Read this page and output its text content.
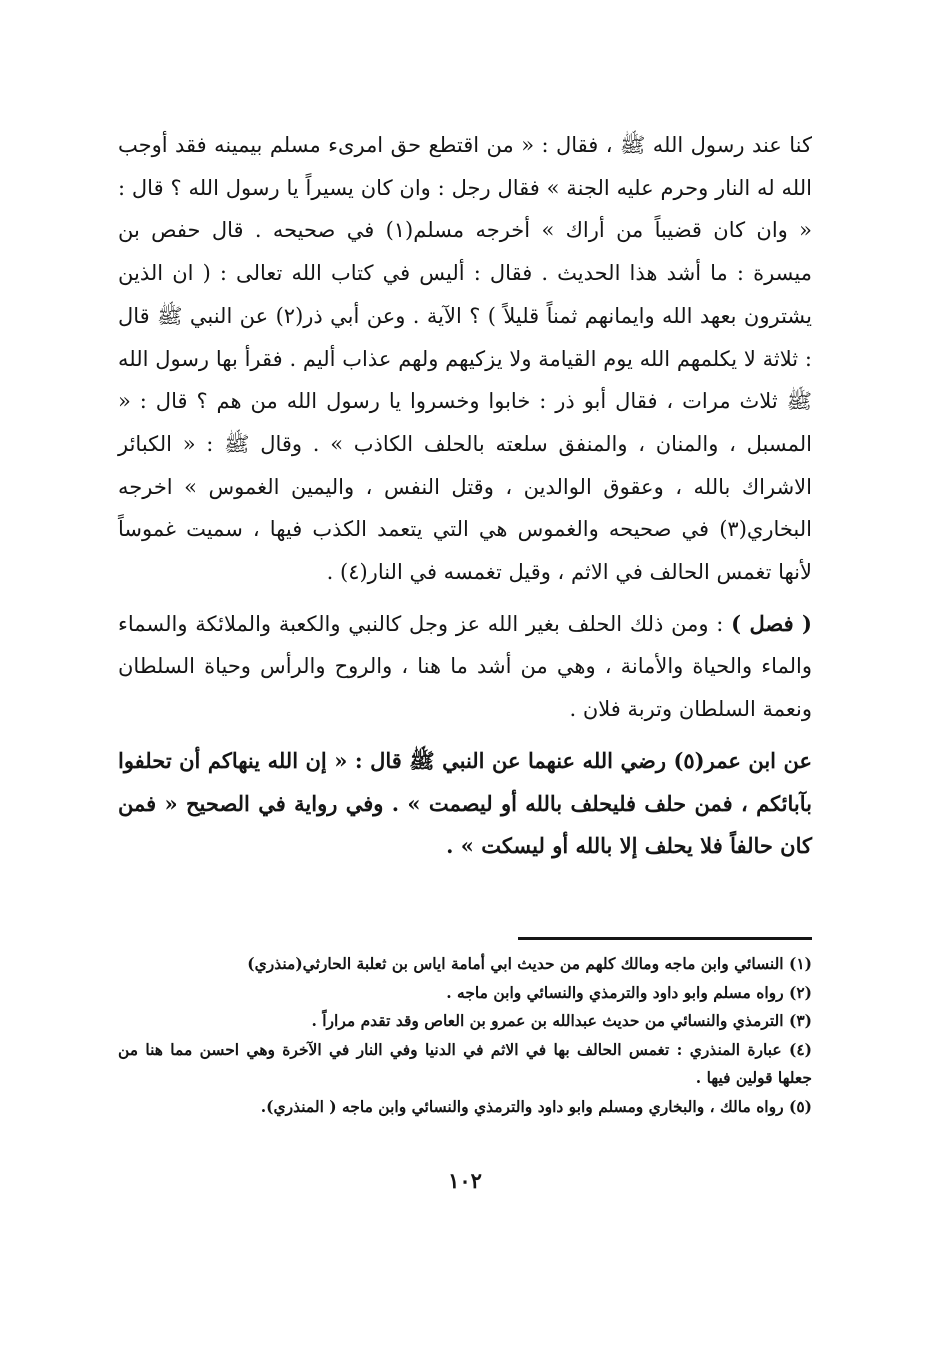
كنا عند رسول الله ﷺ ، فقال : « من اقتطع حق امرىء مسلم بيمينه فقد أوجب الله له النار وحرم عليه الجنة » فقال رجل : وان كان يسيراً يا رسول الله ؟ قال : « وان كان قضيباً من أراك » أخرجه مسلم(١) في صحيحه . قال حفص بن ميسرة : ما أشد هذا الحديث . فقال : أليس في كتاب الله تعالى : ( ان الذين يشترون بعهد الله وايمانهم ثمناً قليلاً ) ؟ الآية . وعن أبي ذر(٢) عن النبي ﷺ قال : ثلاثة لا يكلمهم الله يوم القيامة ولا يزكيهم ولهم عذاب أليم . فقرأ بها رسول الله ﷺ ثلاث مرات ، فقال أبو ذر : خابوا وخسروا يا رسول الله من هم ؟ قال : « المسبل ، والمنان ، والمنفق سلعته بالحلف الكاذب » . وقال ﷺ : « الكبائر الاشراك بالله ، وعقوق الوالدين ، وقتل النفس ، واليمين الغموس » اخرجه البخاري(٣) في صحيحه والغموس هي التي يتعمد الكذب فيها ، سميت غموساً لأنها تغمس الحالف في الاثم ، وقيل تغمسه في النار(٤) .

( فصل ) : ومن ذلك الحلف بغير الله عز وجل كالنبي والكعبة والملائكة والسماء والماء والحياة والأمانة ، وهي من أشد ما هنا ، والروح والرأس وحياة السلطان ونعمة السلطان وتربة فلان .

عن ابن عمر(٥) رضي الله عنهما عن النبي ﷺ قال : « إن الله ينهاكم أن تحلفوا بآبائكم ، فمن حلف فليحلف بالله أو ليصمت » . وفي رواية في الصحيح « فمن كان حالفاً فلا يحلف إلا بالله أو ليسكت » .

(١) النسائي وابن ماجه ومالك كلهم من حديث ابي أمامة اياس بن ثعلبة الحارثي(منذري)

(٢) رواه مسلم وابو داود والترمذي والنسائي وابن ماجه .

(٣) الترمذي والنسائي من حديث عبدالله بن عمرو بن العاص وقد تقدم مراراً .

(٤) عبارة المنذري : تغمس الحالف بها في الاثم في الدنيا وفي النار في الآخرة وهي احسن مما هنا من جعلها قولين فيها .

(٥) رواه مالك ، والبخاري ومسلم وابو داود والترمذي والنسائي وابن ماجه ( المنذري).

١٠٢
